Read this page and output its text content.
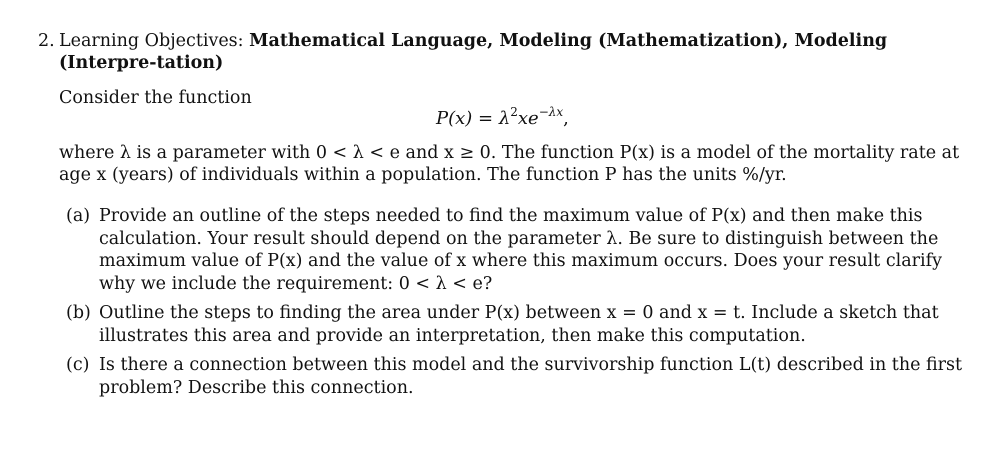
2. Learning Objectives: Mathematical Language, Modeling (Mathematization), Modeling (Interpre-tation)
Consider the function
$P(x) = \lambda^2xe^{-\lambda x}$,
where λ is a parameter with 0 < λ < e and x ≥ 0. The function P(x) is a model of the mortality rate at age x (years) of individuals within a population. The function P has the units %/yr.
(a) Provide an outline of the steps needed to find the maximum value of P(x) and then make this calculation. Your result should depend on the parameter λ. Be sure to distinguish between the maximum value of P(x) and the value of x where this maximum occurs. Does your result clarify why we include the requirement: 0 < λ < e?
(b) Outline the steps to finding the area under P(x) between x = 0 and x = t. Include a sketch that illustrates this area and provide an interpretation, then make this computation.
(c) Is there a connection between this model and the survivorship function L(t) described in the first problem? Describe this connection.
